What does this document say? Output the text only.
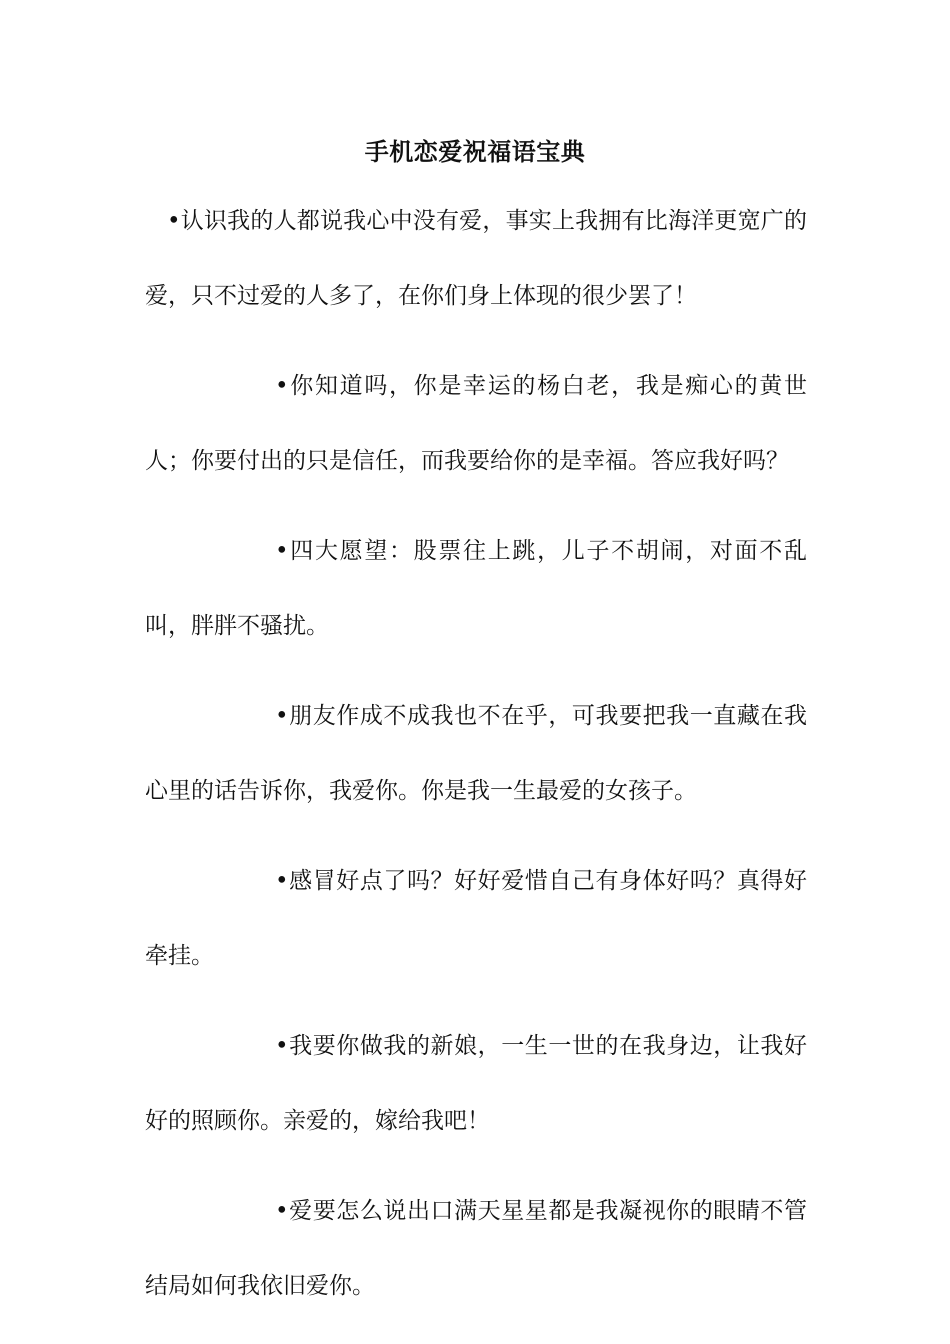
手机恋爱祝福语宝典

•认识我的人都说我心中没有爱，事实上我拥有比海洋更宽广的爱，只不过爱的人多了，在你们身上体现的很少罢了！

•你知道吗，你是幸运的杨白老，我是痴心的黄世人；你要付出的只是信任，而我要给你的是幸福。答应我好吗？

•四大愿望：股票往上跳，儿子不胡闹，对面不乱叫，胖胖不骚扰。

•朋友作成不成我也不在乎，可我要把我一直藏在我心里的话告诉你，我爱你。你是我一生最爱的女孩子。

•感冒好点了吗？好好爱惜自己有身体好吗？真得好牵挂。

•我要你做我的新娘，一生一世的在我身边，让我好好的照顾你。亲爱的，嫁给我吧！

•爱要怎么说出口满天星星都是我凝视你的眼睛不管结局如何我依旧爱你。
